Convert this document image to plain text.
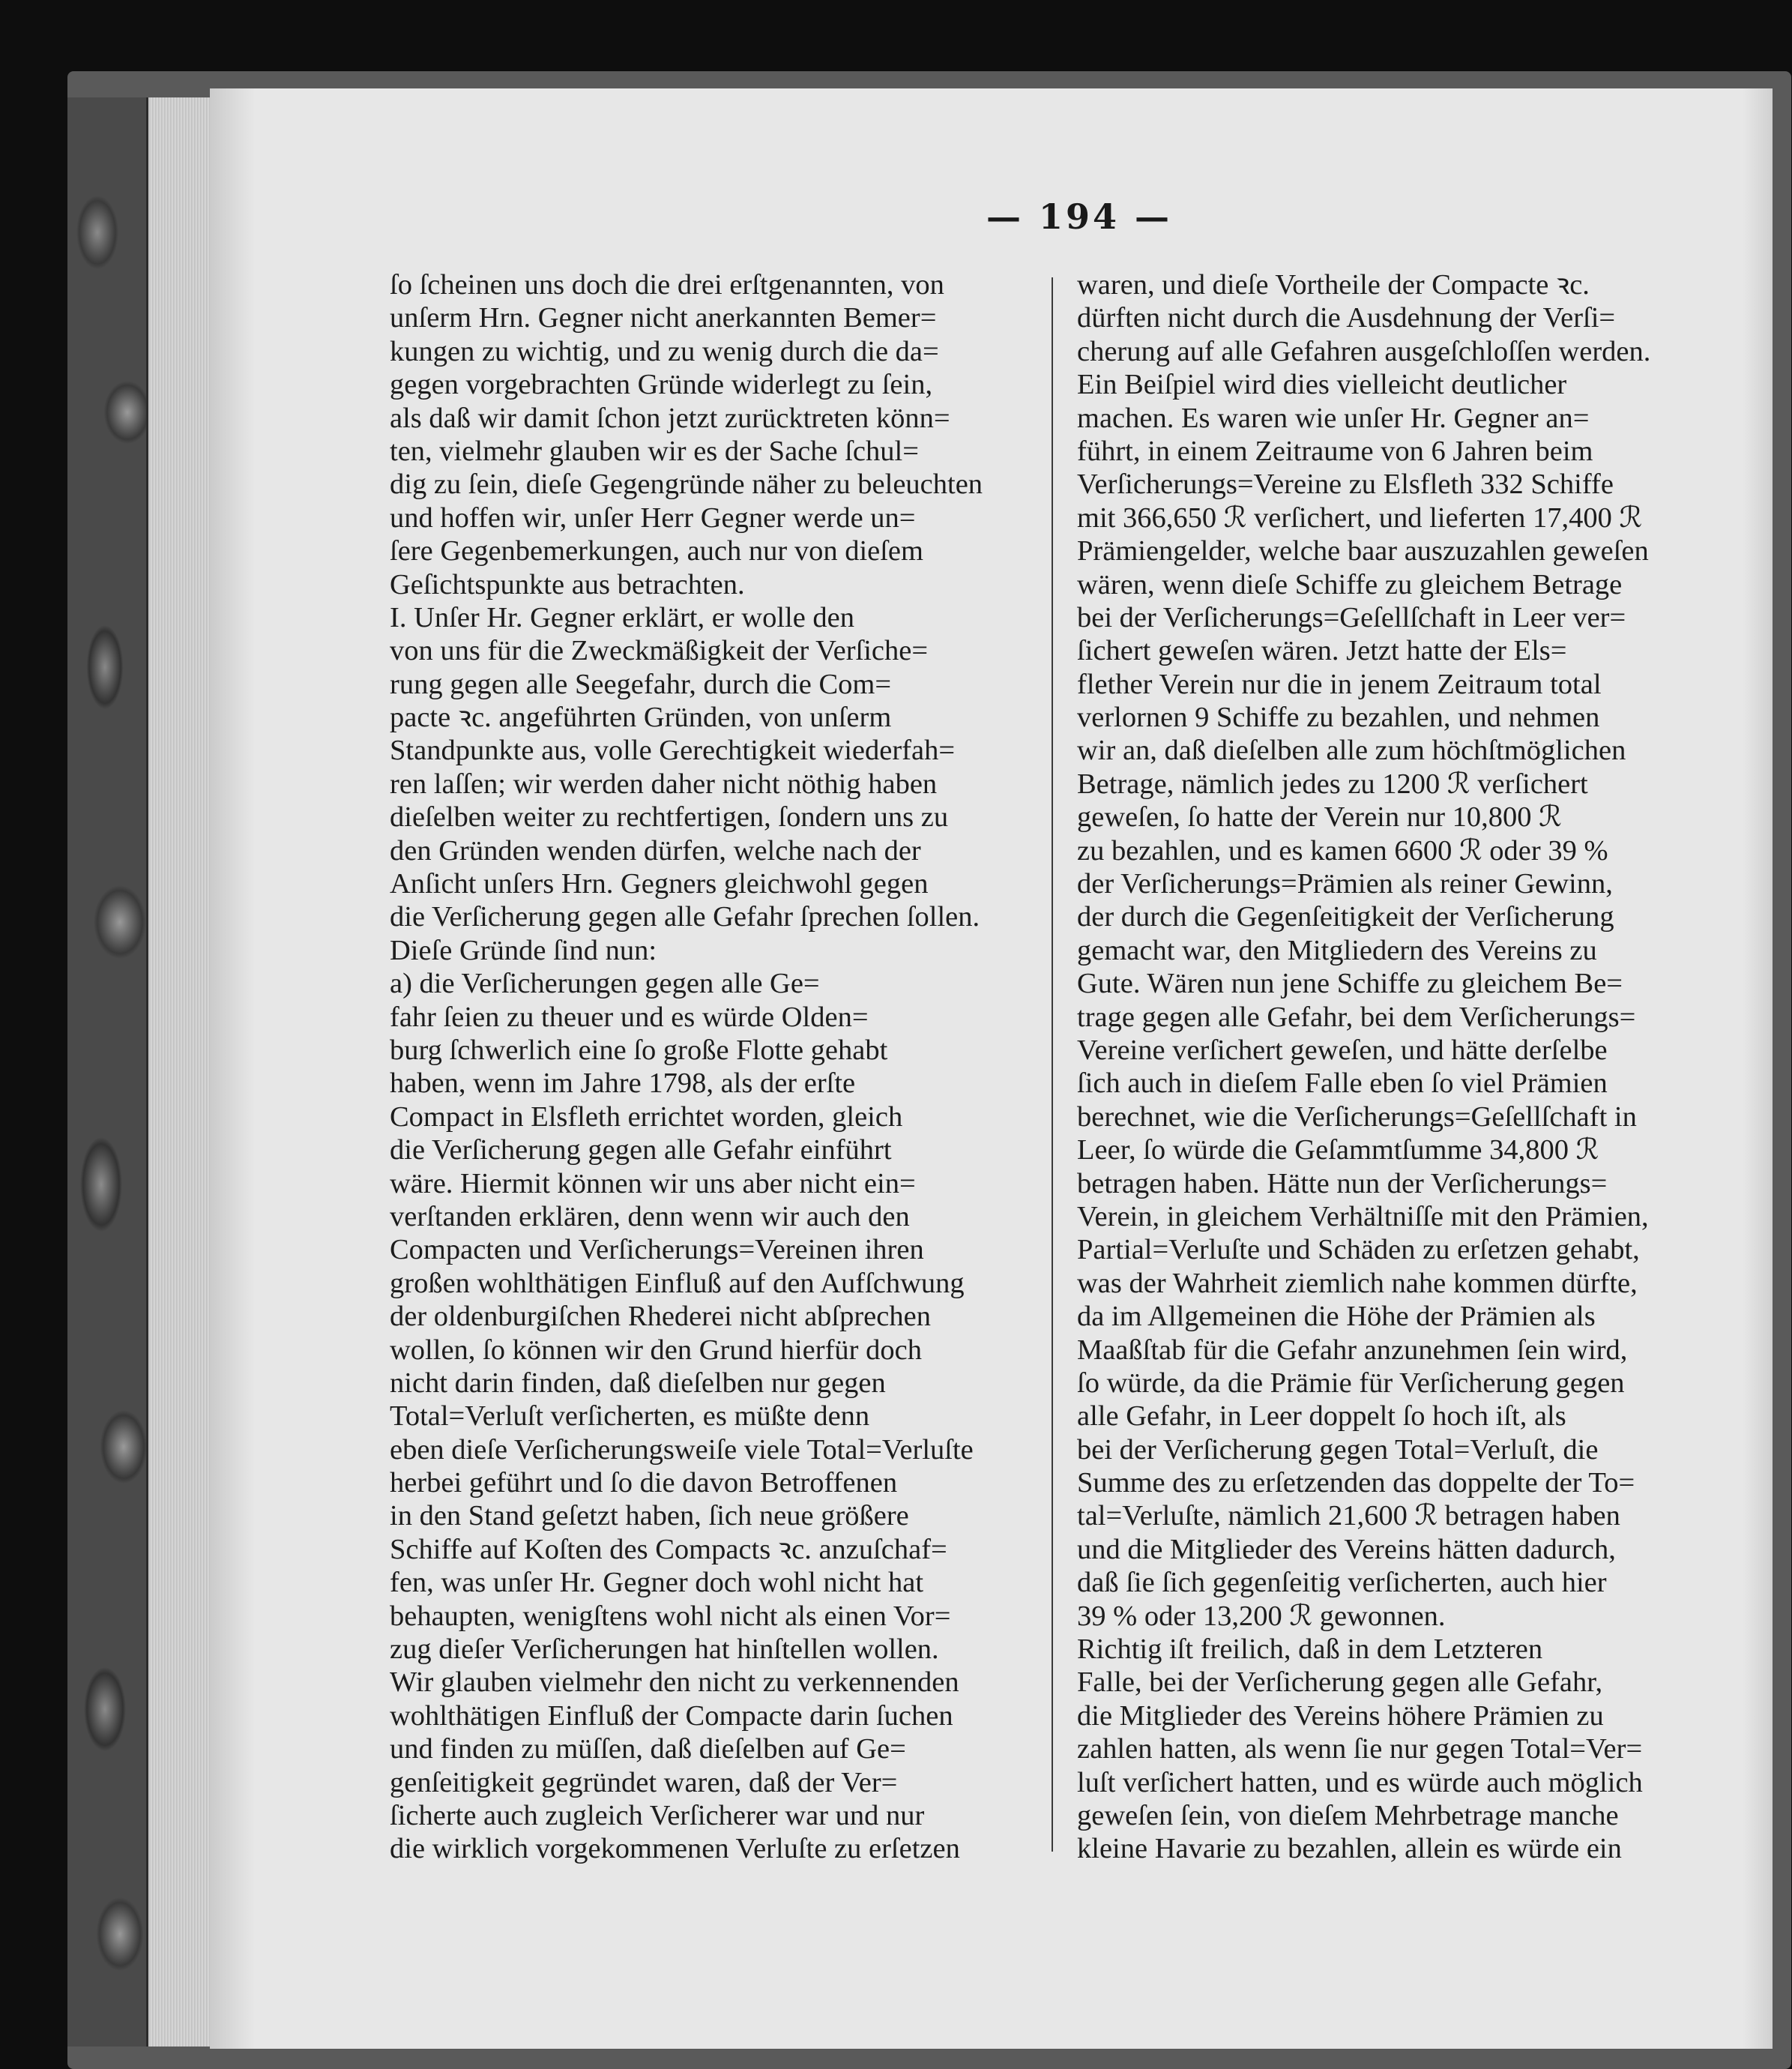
— 194 —
ſo ſcheinen uns doch die drei erſtgenannten, von
unſerm Hrn. Gegner nicht anerkannten Bemer=
kungen zu wichtig, und zu wenig durch die da=
gegen vorgebrachten Gründe widerlegt zu ſein,
als daß wir damit ſchon jetzt zurücktreten könn=
ten, vielmehr glauben wir es der Sache ſchul=
dig zu ſein, dieſe Gegengründe näher zu beleuchten
und hoffen wir, unſer Herr Gegner werde un=
ſere Gegenbemerkungen, auch nur von dieſem
Geſichtspunkte aus betrachten.
I. Unſer Hr. Gegner erklärt, er wolle den
von uns für die Zweckmäßigkeit der Verſiche=
rung gegen alle Seegefahr, durch die Com=
pacte ꝛc. angeführten Gründen, von unſerm
Standpunkte aus, volle Gerechtigkeit wiederfah=
ren laſſen; wir werden daher nicht nöthig haben
dieſelben weiter zu rechtfertigen, ſondern uns zu
den Gründen wenden dürfen, welche nach der
Anſicht unſers Hrn. Gegners gleichwohl gegen
die Verſicherung gegen alle Gefahr ſprechen ſollen.
Dieſe Gründe ſind nun:
a) die Verſicherungen gegen alle Ge=
fahr ſeien zu theuer und es würde Olden=
burg ſchwerlich eine ſo große Flotte gehabt
haben, wenn im Jahre 1798, als der erſte
Compact in Elsfleth errichtet worden, gleich
die Verſicherung gegen alle Gefahr einführt
wäre. Hiermit können wir uns aber nicht ein=
verſtanden erklären, denn wenn wir auch den
Compacten und Verſicherungs=Vereinen ihren
großen wohlthätigen Einfluß auf den Aufſchwung
der oldenburgiſchen Rhederei nicht abſprechen
wollen, ſo können wir den Grund hierfür doch
nicht darin finden, daß dieſelben nur gegen
Total=Verluſt verſicherten, es müßte denn
eben dieſe Verſicherungsweiſe viele Total=Verluſte
herbei geführt und ſo die davon Betroffenen
in den Stand geſetzt haben, ſich neue größere
Schiffe auf Koſten des Compacts ꝛc. anzuſchaf=
fen, was unſer Hr. Gegner doch wohl nicht hat
behaupten, wenigſtens wohl nicht als einen Vor=
zug dieſer Verſicherungen hat hinſtellen wollen.
Wir glauben vielmehr den nicht zu verkennenden
wohlthätigen Einfluß der Compacte darin ſuchen
und finden zu müſſen, daß dieſelben auf Ge=
genſeitigkeit gegründet waren, daß der Ver=
ſicherte auch zugleich Verſicherer war und nur
die wirklich vorgekommenen Verluſte zu erſetzen
waren, und dieſe Vortheile der Compacte ꝛc.
dürften nicht durch die Ausdehnung der Verſi=
cherung auf alle Gefahren ausgeſchloſſen werden.
Ein Beiſpiel wird dies vielleicht deutlicher
machen. Es waren wie unſer Hr. Gegner an=
führt, in einem Zeitraume von 6 Jahren beim
Verſicherungs=Vereine zu Elsfleth 332 Schiffe
mit 366,650 ℛ verſichert, und lieferten 17,400 ℛ
Prämiengelder, welche baar auszuzahlen geweſen
wären, wenn dieſe Schiffe zu gleichem Betrage
bei der Verſicherungs=Geſellſchaft in Leer ver=
ſichert geweſen wären. Jetzt hatte der Els=
flether Verein nur die in jenem Zeitraum total
verlornen 9 Schiffe zu bezahlen, und nehmen
wir an, daß dieſelben alle zum höchſtmöglichen
Betrage, nämlich jedes zu 1200 ℛ verſichert
geweſen, ſo hatte der Verein nur 10,800 ℛ
zu bezahlen, und es kamen 6600 ℛ oder 39 %
der Verſicherungs=Prämien als reiner Gewinn,
der durch die Gegenſeitigkeit der Verſicherung
gemacht war, den Mitgliedern des Vereins zu
Gute. Wären nun jene Schiffe zu gleichem Be=
trage gegen alle Gefahr, bei dem Verſicherungs=
Vereine verſichert geweſen, und hätte derſelbe
ſich auch in dieſem Falle eben ſo viel Prämien
berechnet, wie die Verſicherungs=Geſellſchaft in
Leer, ſo würde die Geſammtſumme 34,800 ℛ
betragen haben. Hätte nun der Verſicherungs=
Verein, in gleichem Verhältniſſe mit den Prämien,
Partial=Verluſte und Schäden zu erſetzen gehabt,
was der Wahrheit ziemlich nahe kommen dürfte,
da im Allgemeinen die Höhe der Prämien als
Maaßſtab für die Gefahr anzunehmen ſein wird,
ſo würde, da die Prämie für Verſicherung gegen
alle Gefahr, in Leer doppelt ſo hoch iſt, als
bei der Verſicherung gegen Total=Verluſt, die
Summe des zu erſetzenden das doppelte der To=
tal=Verluſte, nämlich 21,600 ℛ betragen haben
und die Mitglieder des Vereins hätten dadurch,
daß ſie ſich gegenſeitig verſicherten, auch hier
39 % oder 13,200 ℛ gewonnen.
Richtig iſt freilich, daß in dem Letzteren
Falle, bei der Verſicherung gegen alle Gefahr,
die Mitglieder des Vereins höhere Prämien zu
zahlen hatten, als wenn ſie nur gegen Total=Ver=
luſt verſichert hatten, und es würde auch möglich
geweſen ſein, von dieſem Mehrbetrage manche
kleine Havarie zu bezahlen, allein es würde ein
